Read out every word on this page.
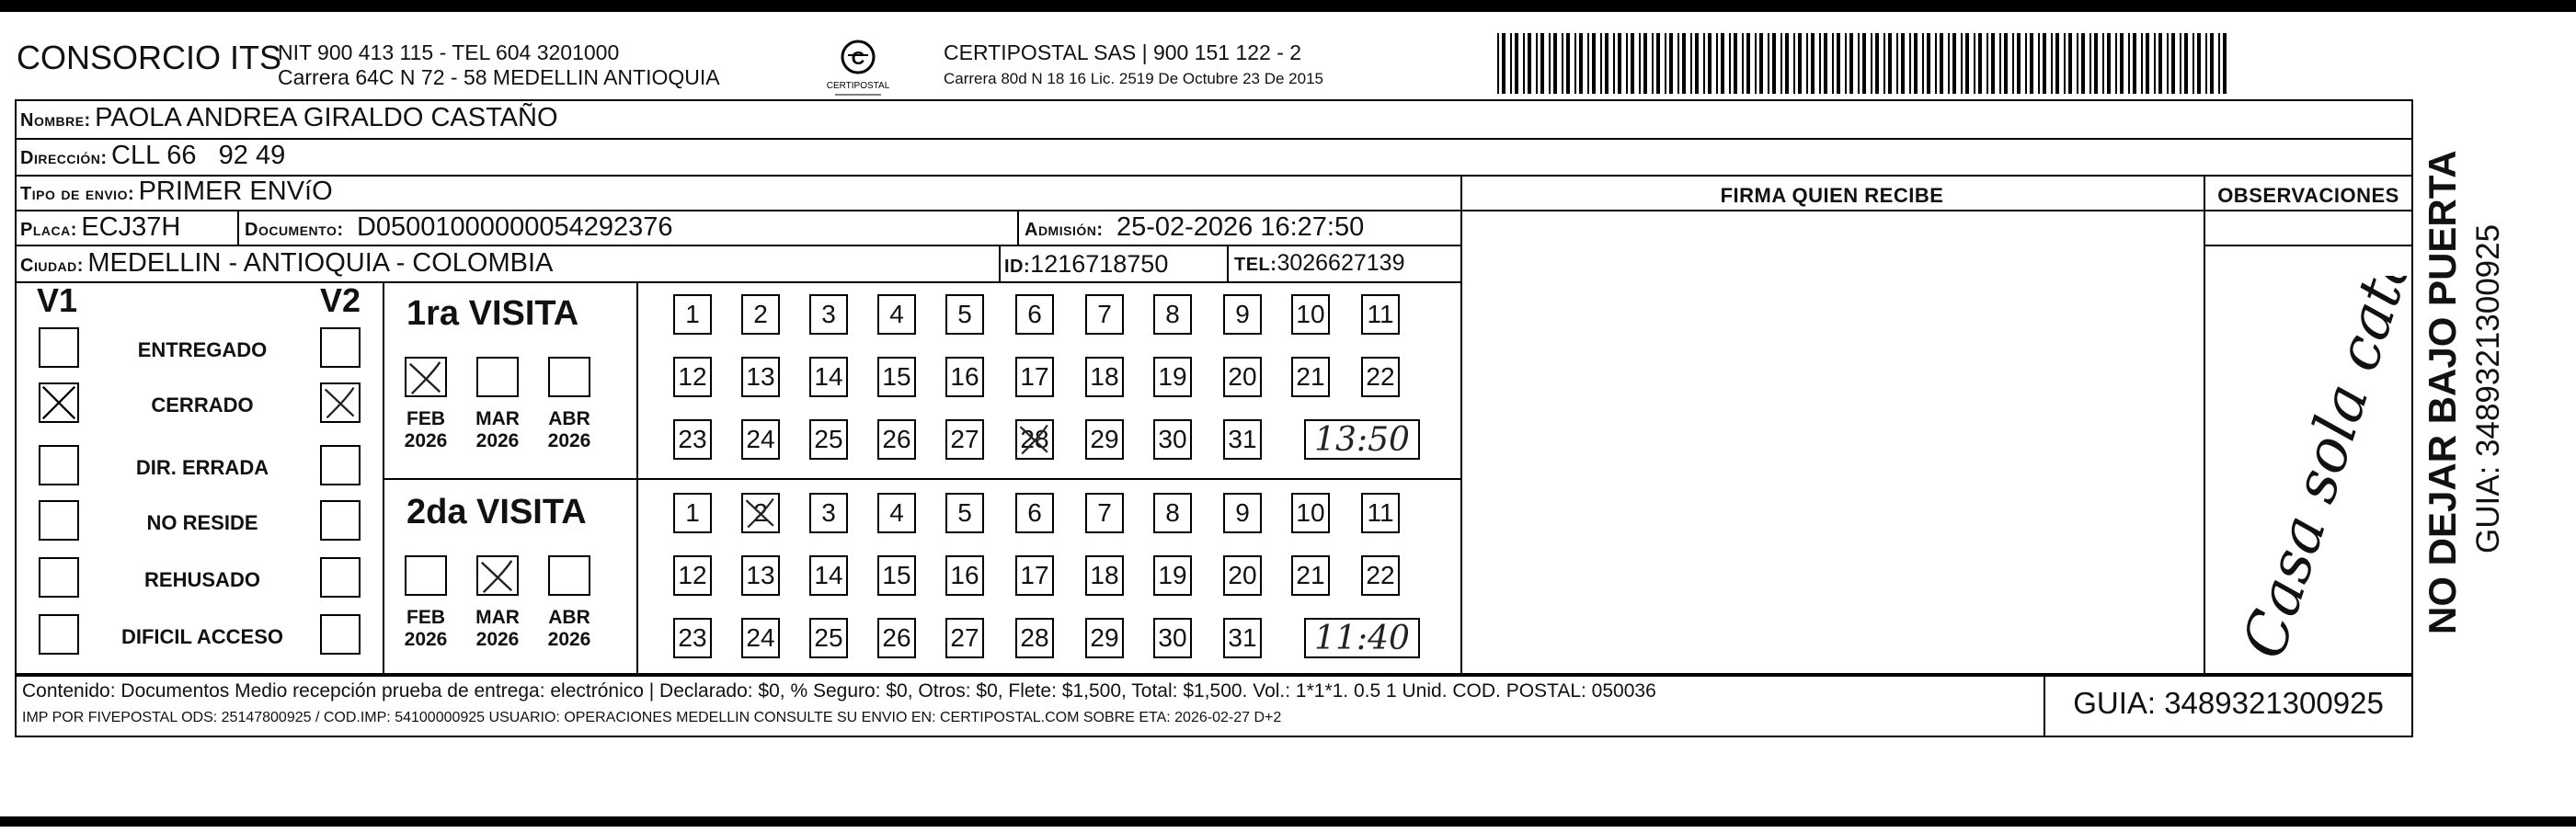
CONSORCIO ITS
NIT 900 413 115 - TEL 604 3201000
Carrera 64C N 72 - 58 MEDELLIN ANTIOQUIA
C
CERTIPOSTAL
CERTIPOSTAL SAS | 900 151 122 - 2
Carrera 80d N 18 16 Lic. 2519 De Octubre 23 De 2015
Nombre: PAOLA ANDREA GIRALDO CASTAÑO
Dirección: CLL 66   92 49
Tipo de envio: PRIMER ENVíO	FIRMA QUIEN RECIBE	OBSERVACIONES
Placa: ECJ37H	Documento: D05001000000054292376	Admisión: 25-02-2026 16:27:50
Ciudad: MEDELLIN - ANTIOQUIA - COLOMBIA	ID:1216718750	TEL:3026627139
V1	V2
ENTREGADO
CERRADO
DIR. ERRADA
NO RESIDE
REHUSADO
DIFICIL ACCESO
1ra VISITA
FEB
2026
MAR
2026
ABR
2026
1	2	3	4	5	6	7	8	9	10 11
12 13 14 15 16 17 18 19 20 21 22
23 24 25 26 27 28 29 30 31	13:50
2da VISITA
FEB
2026
MAR
2026
ABR
2026
1	2	3	4	5	6	7	8	9	10 11
12 13 14 15 16 17 18 19 20 21 22
23 24 25 26 27 28 29 30 31	11:40	Casa sola
Contenido: Documentos Medio recepción prueba de entrega: electrónico | Declarado: $0, % Seguro: $0, Otros: $0, Flete: $1,500, Total: $1,500. Vol.: 1*1*1. 0.5 1 Unid. COD. POSTAL: 050036
IMP POR FIVEPOSTAL ODS: 25147800925 / COD.IMP: 54100000925 USUARIO: OPERACIONES MEDELLIN CONSULTE SU ENVIO EN: CERTIPOSTAL.COM SOBRE ETA: 2026-02-27 D+2	GUIA: 3489321300925
NO DEJAR BAJO PUERTA GUIA: 3489321300925
